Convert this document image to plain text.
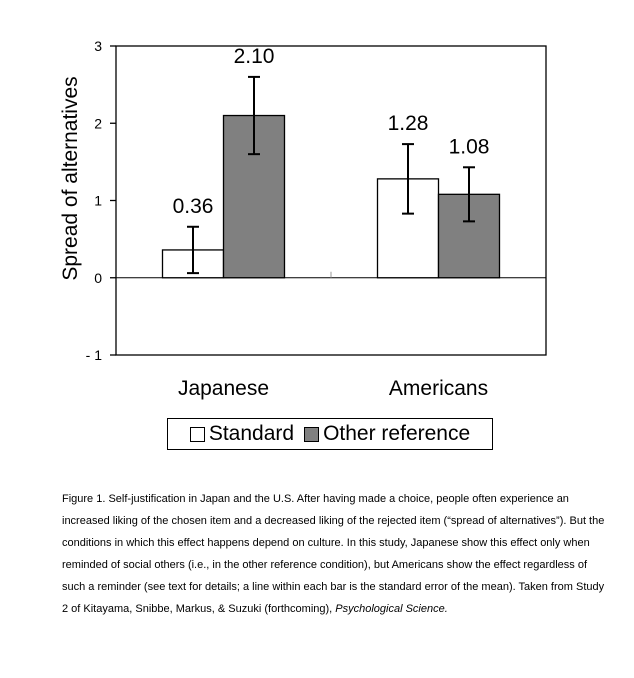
- 1
0
1
2
3
0.36
2.10
Japanese
1.28
1.08
Americans
Spread of alternatives
Standard Other reference

Figure 1. Self-justification in Japan and the U.S. After having made a choice, people often experience an increased liking of the chosen item and a decreased liking of the rejected item (“spread of alternatives”). But the conditions in which this effect happens depend on culture. In this study, Japanese show this effect only when reminded of social others (i.e., in the other reference condition), but Americans show the effect regardless of such a reminder (see text for details; a line within each bar is the standard error of the mean). Taken from Study 2 of Kitayama, Snibbe, Markus, & Suzuki (forthcoming), Psychological Science.
